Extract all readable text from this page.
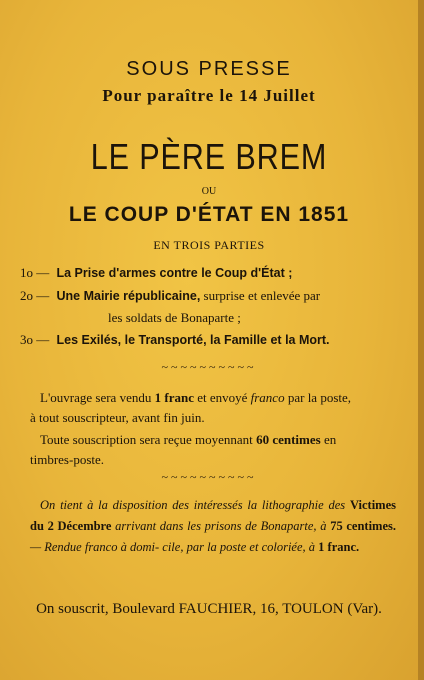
SOUS PRESSE
Pour paraître le 14 Juillet
LE PÈRE BREM
OU
LE COUP D'ÉTAT EN 1851
EN TROIS PARTIES
1o — La Prise d'armes contre le Coup d'État ;
2o — Une Mairie républicaine, surprise et enlevée par
les soldats de Bonaparte ;
3o — Les Exilés, le Transporté, la Famille et la Mort.
~~~~~~~~~~
L'ouvrage sera vendu 1 franc et envoyé franco par la poste,
à tout souscripteur, avant fin juin.
Toute souscription sera reçue moyennant 60 centimes en
timbres-poste.
~~~~~~~~~~
On tient à la disposition des intéressés la lithographie des Victimes du 2 Décembre arrivant dans les prisons de Bonaparte, à 75 centimes. — Rendue franco à domi- cile, par la poste et coloriée, à 1 franc.
On souscrit, Boulevard FAUCHIER, 16, TOULON (Var).
